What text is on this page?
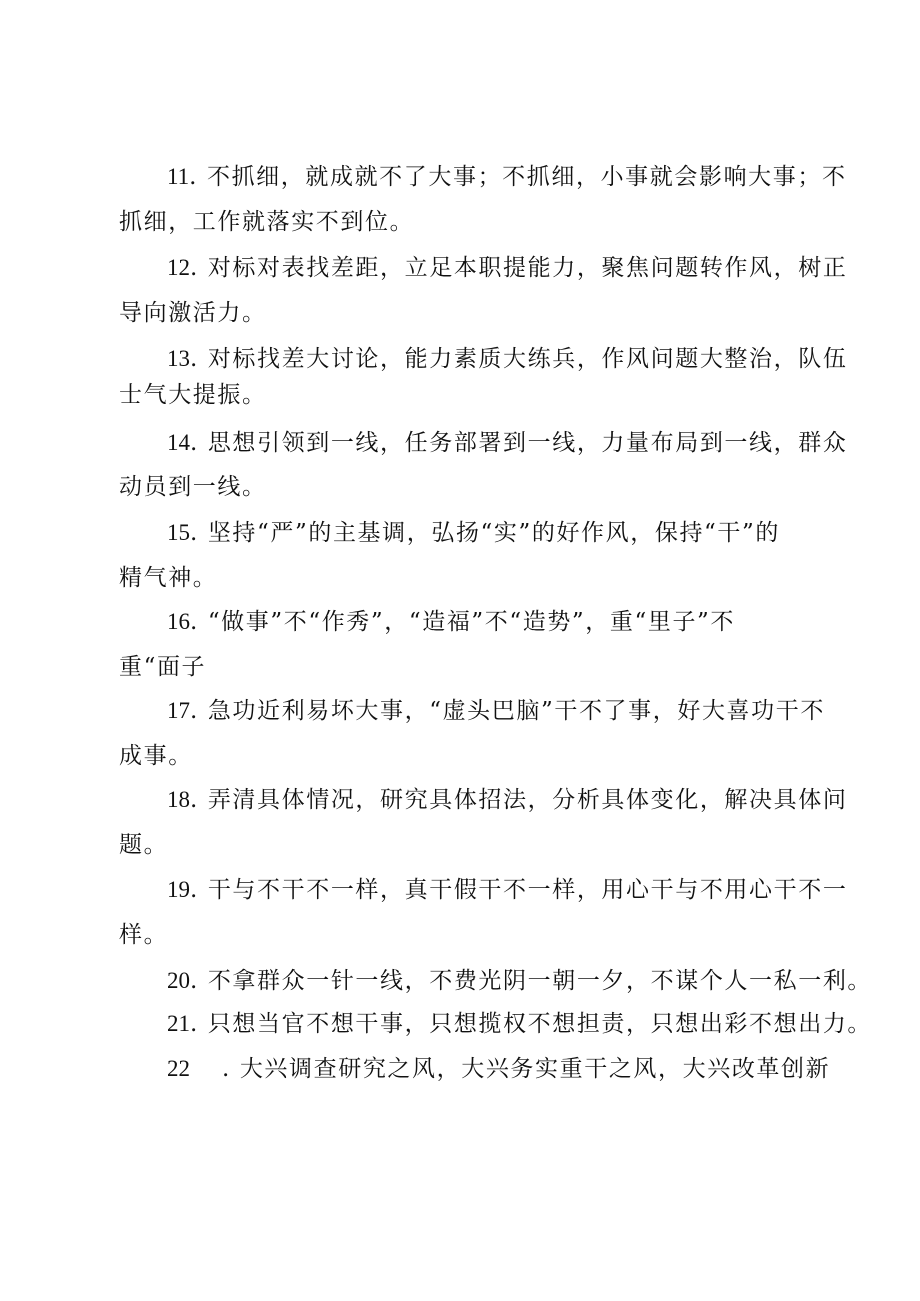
11. 不抓细，就成就不了大事；不抓细，小事就会影响大事；不
抓细，工作就落实不到位。
12. 对标对表找差距，立足本职提能力，聚焦问题转作风，树正
导向激活力。
13. 对标找差大讨论，能力素质大练兵，作风问题大整治，队伍
士气大提振。
14. 思想引领到一线，任务部署到一线，力量布局到一线，群众
动员到一线。
15. 坚持“严”的主基调，弘扬“实”的好作风，保持“干”的
精气神。
16. “做事”不“作秀”，“造福”不“造势”，重“里子”不
重“面子
17. 急功近利易坏大事，“虚头巴脑”干不了事，好大喜功干不
成事。
18. 弄清具体情况，研究具体招法，分析具体变化，解决具体问
题。
19. 干与不干不一样，真干假干不一样，用心干与不用心干不一
样。
20. 不拿群众一针一线，不费光阴一朝一夕，不谋个人一私一利。
21. 只想当官不想干事，只想揽权不想担责，只想出彩不想出力。
22 . 大兴调查研究之风，大兴务实重干之风，大兴改革创新
